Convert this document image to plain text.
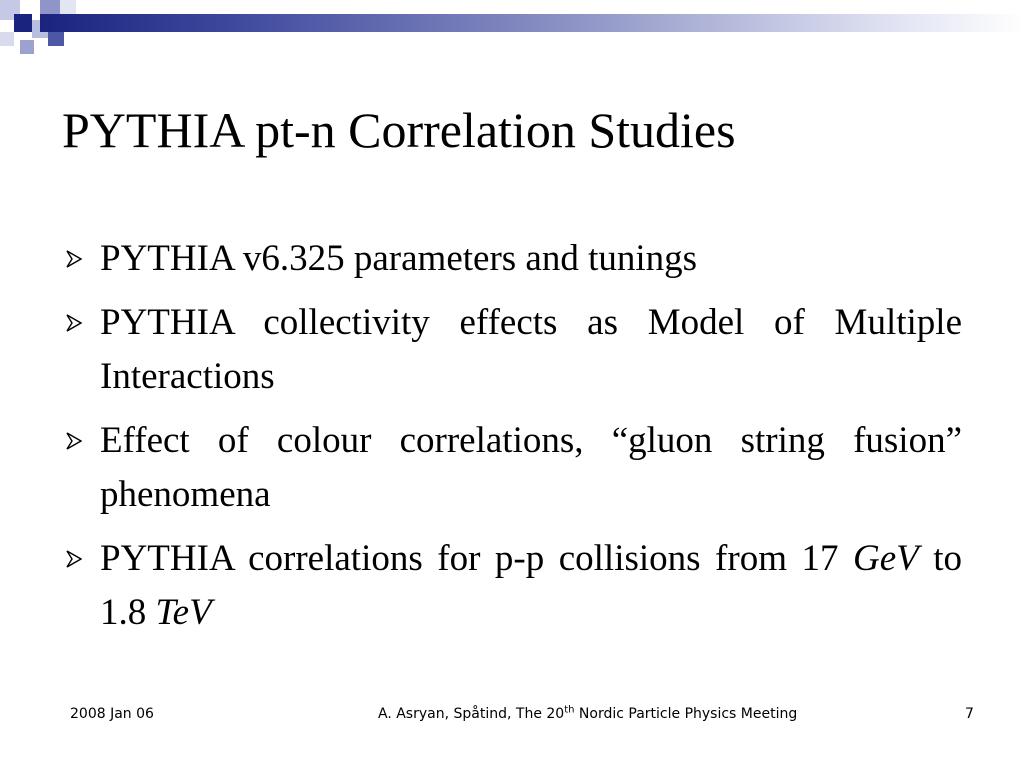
PYTHIA pt-n Correlation Studies
PYTHIA v6.325 parameters and tunings
PYTHIA collectivity effects as Model of Multiple Interactions
Effect of colour correlations, “gluon string fusion” phenomena
PYTHIA correlations for p-p collisions from 17 GeV to 1.8 TeV
2008 Jan 06	A. Asryan, Spåtind, The 20th Nordic Particle Physics Meeting	7
